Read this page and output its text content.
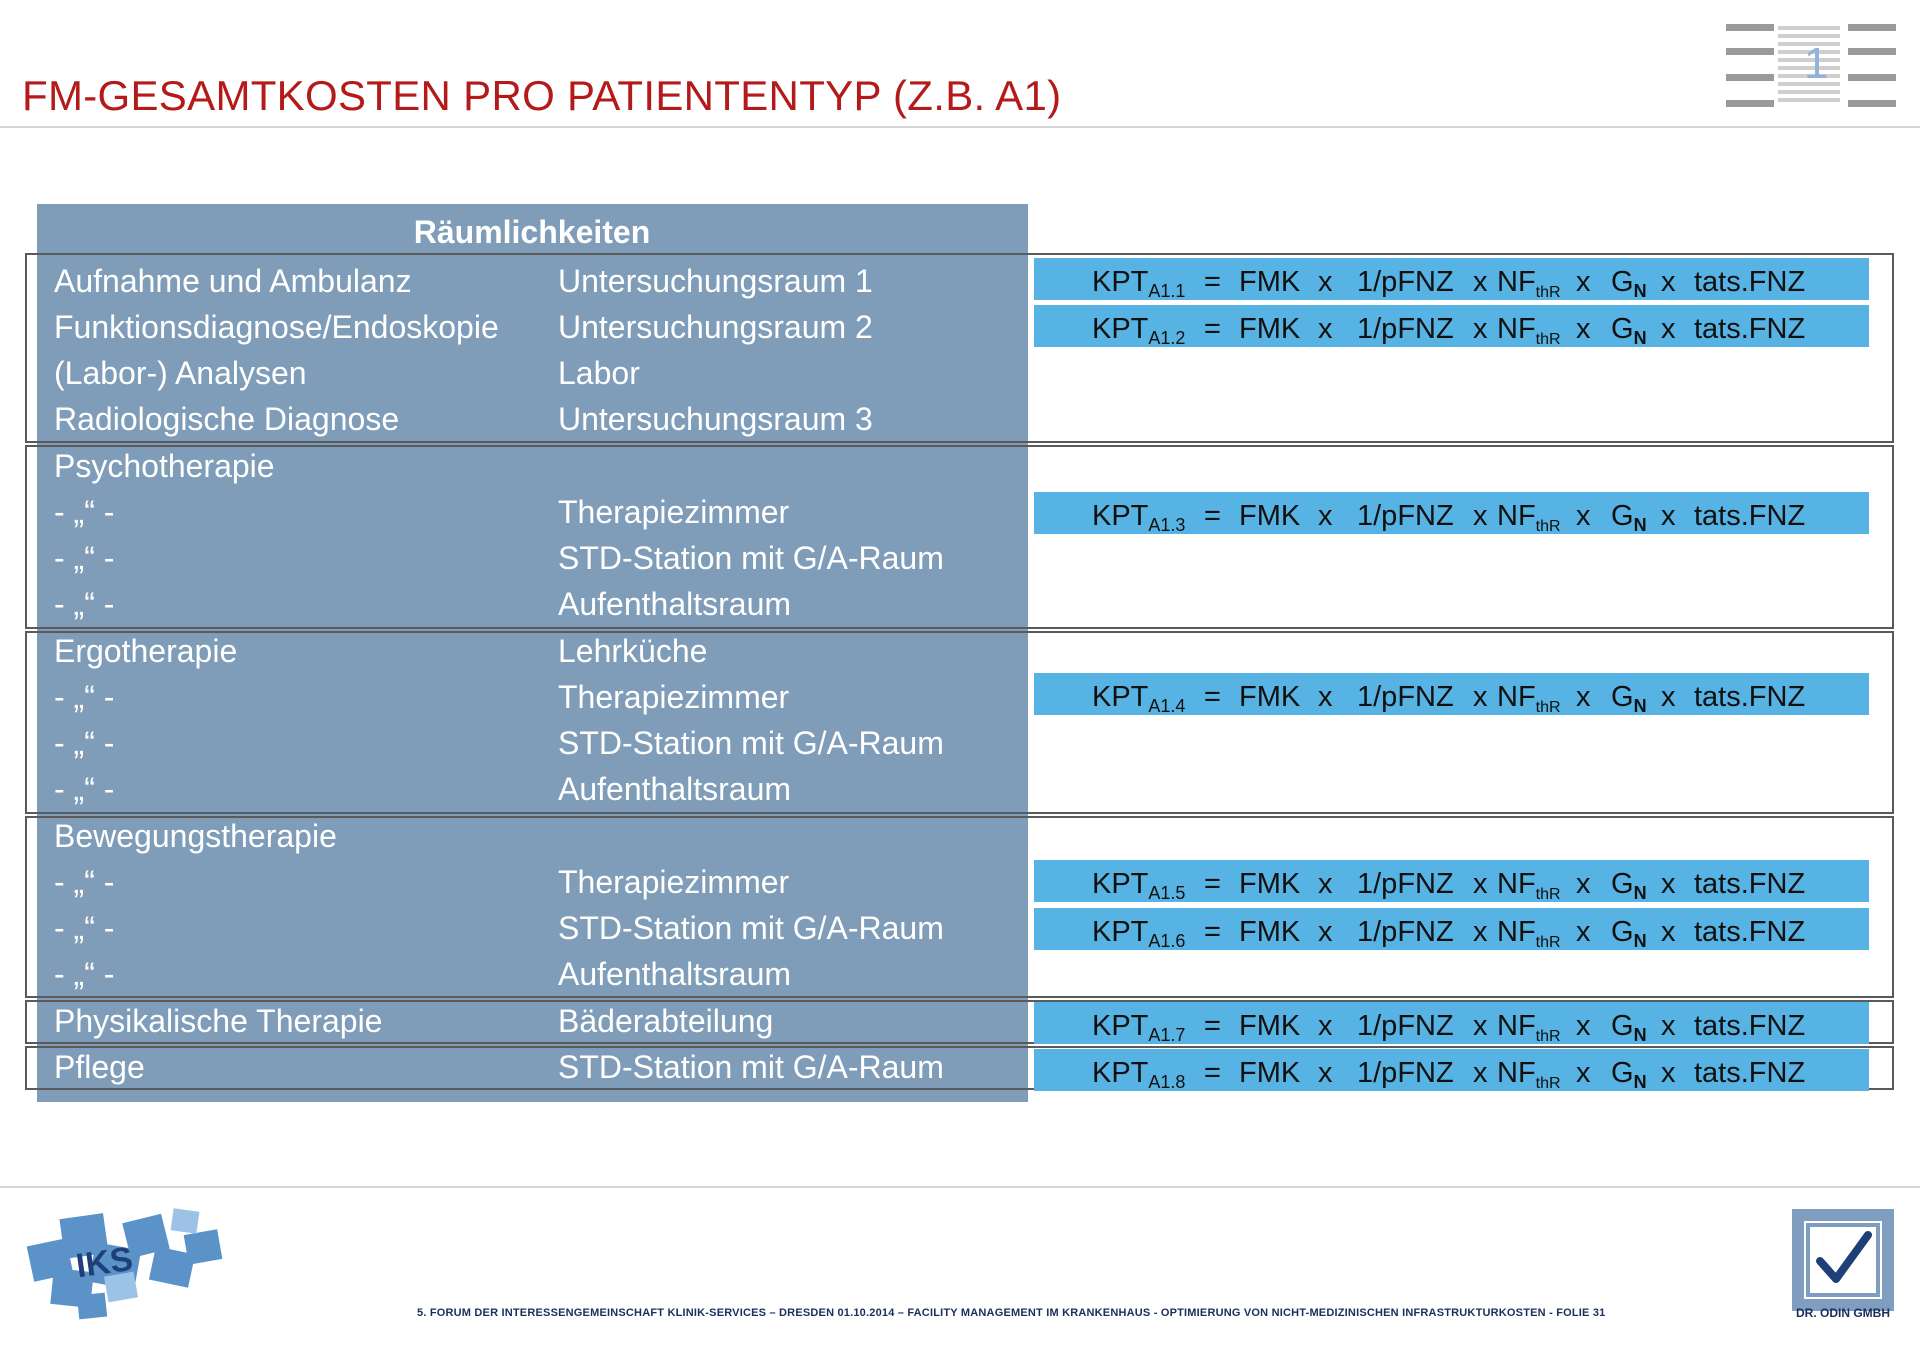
FM-GESAMTKOSTEN PRO PATIENTENTYP (Z.B. A1)
1
Räumlichkeiten
Aufnahme und Ambulanz	Untersuchungsraum 1
Funktionsdiagnose/Endoskopie Untersuchungsraum 2
(Labor-) Analysen	Labor
Radiologische Diagnose	Untersuchungsraum 3
Psychotherapie
- „“ -	Therapiezimmer
- „“ -	STD-Station mit G/A-Raum
- „“ -	Aufenthaltsraum
Ergotherapie	Lehrküche
- „“ -	Therapiezimmer
- „“ -	STD-Station mit G/A-Raum
- „“ -	Aufenthaltsraum
Bewegungstherapie
- „“ -	Therapiezimmer
- „“ -	STD-Station mit G/A-Raum
- „“ -	Aufenthaltsraum
Physikalische Therapie	Bäderabteilung
Pflege	STD-Station mit G/A-Raum
$KPT_{A1.1}$ = FMK x 1/pFNZ x $NF_{thR}$ x $G_N$ x tats.FNZ
$KPT_{A1.2}$ = FMK x 1/pFNZ x $NF_{thR}$ x $G_N$ x tats.FNZ
$KPT_{A1.3}$ = FMK x 1/pFNZ x $NF_{thR}$ x $G_N$ x tats.FNZ
$KPT_{A1.4}$ = FMK x 1/pFNZ x $NF_{thR}$ x $G_N$ x tats.FNZ
$KPT_{A1.5}$ = FMK x 1/pFNZ x $NF_{thR}$ x $G_N$ x tats.FNZ
$KPT_{A1.6}$ = FMK x 1/pFNZ x $NF_{thR}$ x $G_N$ x tats.FNZ
$KPT_{A1.7}$ = FMK x 1/pFNZ x $NF_{thR}$ x $G_N$ x tats.FNZ
$KPT_{A1.8}$ = FMK x 1/pFNZ x $NF_{thR}$ x $G_N$ x tats.FNZ
IKS
5. FORUM DER INTERESSENGEMEINSCHAFT KLINIK-SERVICES – DRESDEN 01.10.2014 – FACILITY MANAGEMENT IM KRANKENHAUS - OPTIMIERUNG VON NICHT-MEDIZINISCHEN INFRASTRUKTURKOSTEN - FOLIE 31	DR. ODIN GMBH
